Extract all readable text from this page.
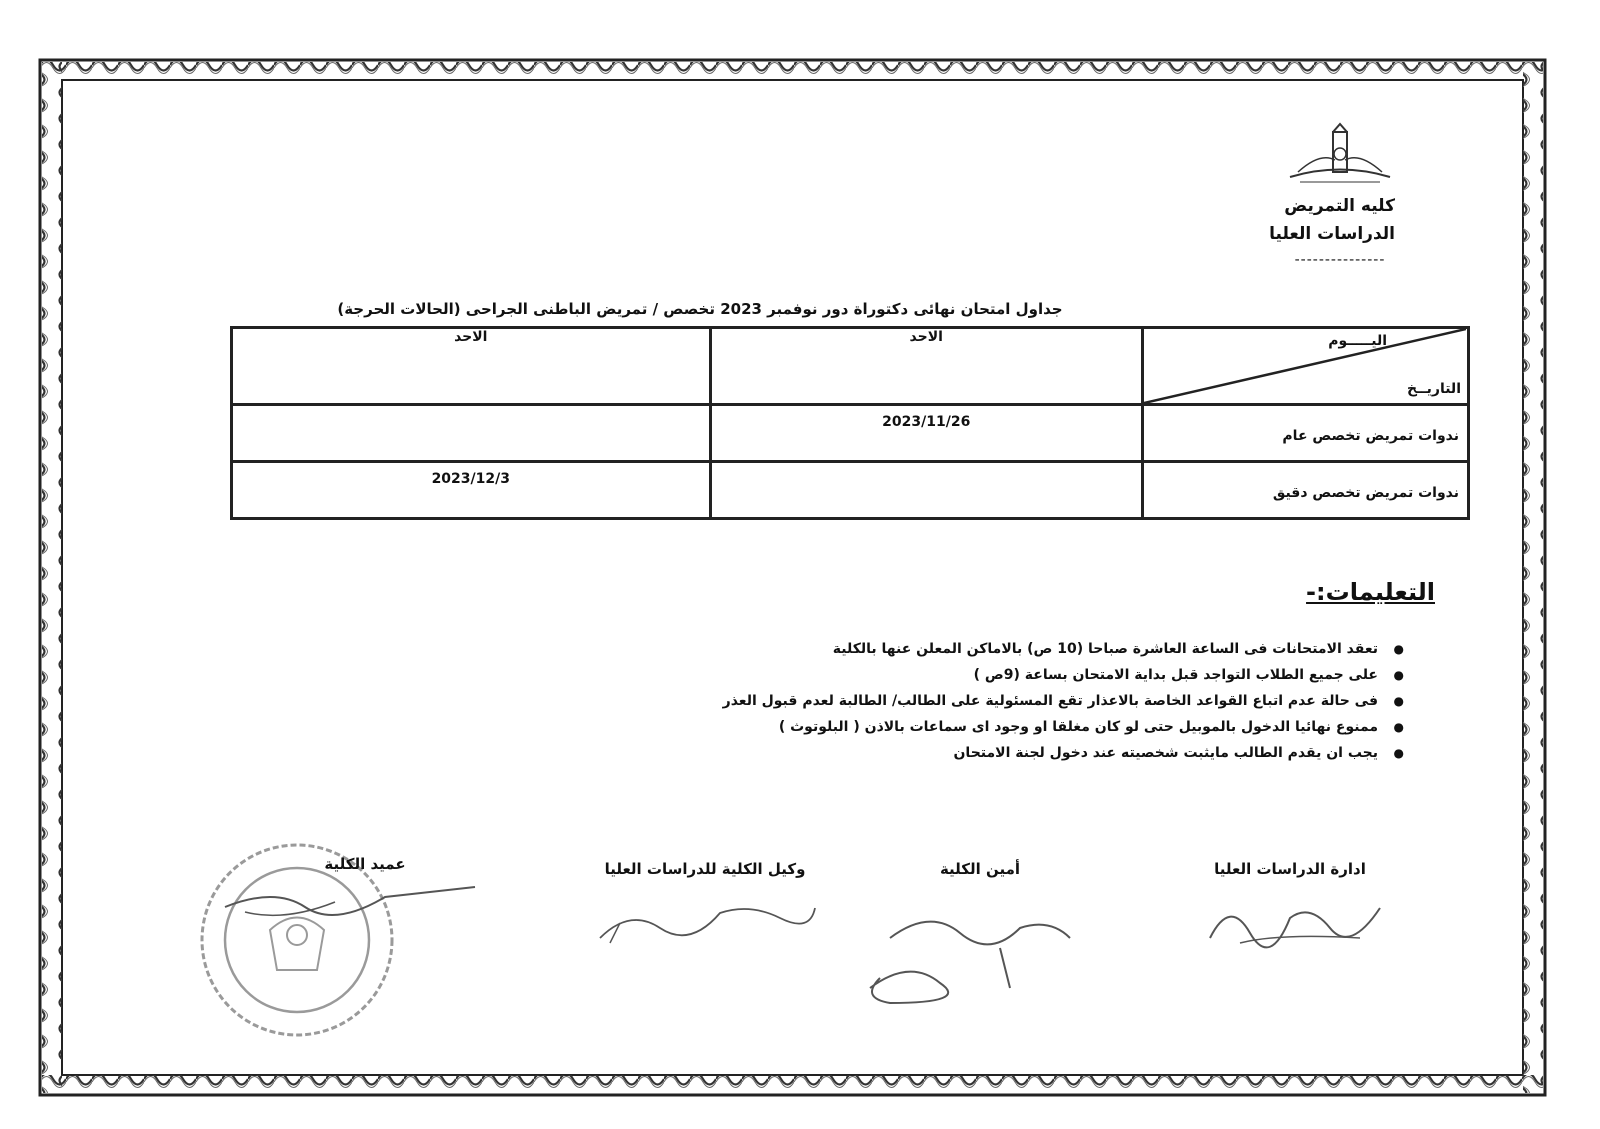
كليه التمريض
الدراسات العليا
---------------
جداول امتحان نهائى دكتوراة دور نوفمبر 2023 تخصص / تمريض الباطنى الجراحى (الحالات الحرجة)
اليـــــوم
التاريــخ	الاحد	الاحد
ندوات تمريض تخصص عام	2023/11/26	
ندوات تمريض تخصص دقيق		2023/12/3
التعليمات:-
●
تعقد الامتحانات فى الساعة العاشرة صباحا (10 ص) بالاماكن المعلن عنها بالكلية
●
على جميع الطلاب التواجد قبل بداية الامتحان بساعة (9ص )
●
فى حالة عدم اتباع القواعد الخاصة بالاعذار تقع المسئولية على الطالب/ الطالبة لعدم قبول العذر
●
ممنوع نهائيا الدخول بالموبيل حتى لو كان مغلقا او وجود اى سماعات بالاذن ( البلوتوث )
●
يجب ان يقدم الطالب مايثبت شخصيته عند دخول لجنة الامتحان
ادارة الدراسات العليا
أمين الكلية
وكيل الكلية للدراسات العليا
عميد الكلية
